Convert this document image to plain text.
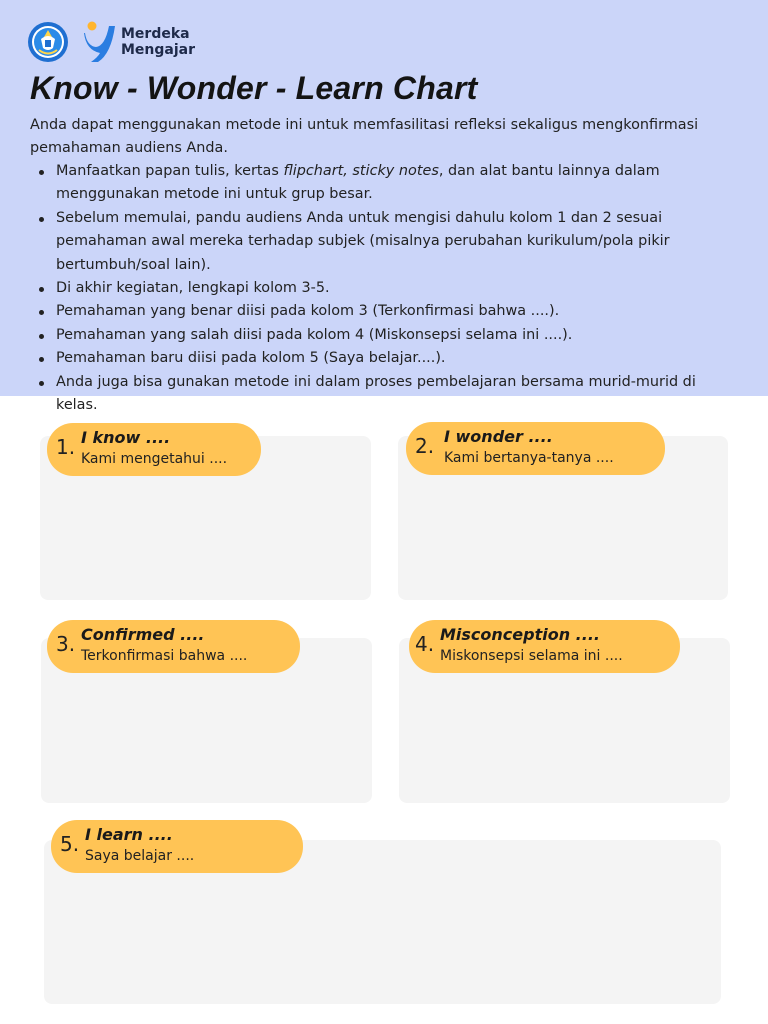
Merdeka
Mengajar
Know - Wonder - Learn Chart

Anda dapat menggunakan metode ini untuk memfasilitasi refleksi sekaligus mengkonfirmasi pemahaman audiens Anda.

Manfaatkan papan tulis, kertas flipchart, sticky notes, dan alat bantu lainnya dalam menggunakan metode ini untuk grup besar.
Sebelum memulai, pandu audiens Anda untuk mengisi dahulu kolom 1 dan 2 sesuai pemahaman awal mereka terhadap subjek (misalnya perubahan kurikulum/pola pikir bertumbuh/soal lain).
Di akhir kegiatan, lengkapi kolom 3-5.
Pemahaman yang benar diisi pada kolom 3 (Terkonfirmasi bahwa ....).
Pemahaman yang salah diisi pada kolom 4 (Miskonsepsi selama ini ....).
Pemahaman baru diisi pada kolom 5 (Saya belajar....).
Anda juga bisa gunakan metode ini dalam proses pembelajaran bersama murid-murid di kelas.
1. I know ....
Kami mengetahui ....
2. I wonder ....
Kami bertanya-tanya ....
3. Confirmed ....
Terkonfirmasi bahwa ....	4. Misconception ....
Miskonsepsi selama ini ....
5. I learn ....
Saya belajar ....
